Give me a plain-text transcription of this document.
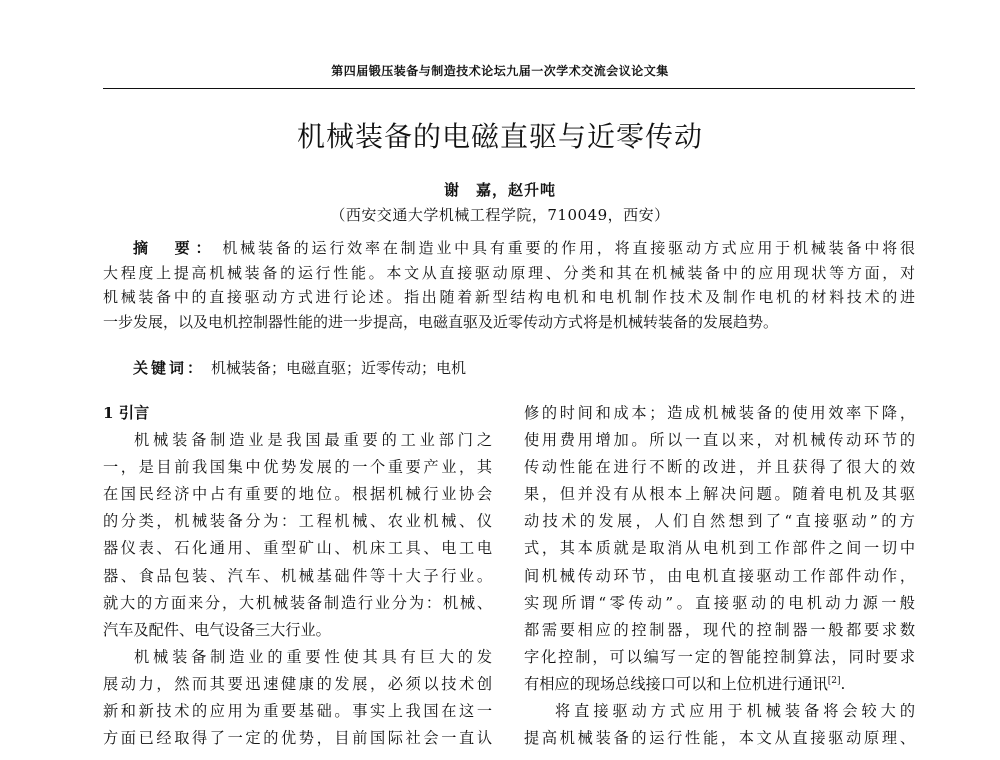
第四届锻压装备与制造技术论坛九届一次学术交流会议论文集
机械装备的电磁直驱与近零传动
谢　嘉，赵升吨
（西安交通大学机械工程学院，710049，西安）
摘　要： 机械装备的运行效率在制造业中具有重要的作用，将直接驱动方式应用于机械装备中将很
大程度上提高机械装备的运行性能。本文从直接驱动原理、分类和其在机械装备中的应用现状等方面，对
机械装备中的直接驱动方式进行论述。指出随着新型结构电机和电机制作技术及制作电机的材料技术的进
一步发展，以及电机控制器性能的进一步提高，电磁直驱及近零传动方式将是机械转装备的发展趋势。
关键词： 机械装备；电磁直驱；近零传动；电机
1 引言
机械装备制造业是我国最重要的工业部门之
一，是目前我国集中优势发展的一个重要产业，其
在国民经济中占有重要的地位。根据机械行业协会
的分类，机械装备分为：工程机械、农业机械、仪
器仪表、石化通用、重型矿山、机床工具、电工电
器、食品包装、汽车、机械基础件等十大子行业。
就大的方面来分，大机械装备制造行业分为：机械、
汽车及配件、电气设备三大行业。
机械装备制造业的重要性使其具有巨大的发
展动力，然而其要迅速健康的发展，必须以技术创
新和新技术的应用为重要基础。事实上我国在这一
方面已经取得了一定的优势，目前国际社会一直认
修的时间和成本；造成机械装备的使用效率下降，
使用费用增加。所以一直以来，对机械传动环节的
传动性能在进行不断的改进，并且获得了很大的效
果，但并没有从根本上解决问题。随着电机及其驱
动技术的发展，人们自然想到了“直接驱动”的方
式，其本质就是取消从电机到工作部件之间一切中
间机械传动环节，由电机直接驱动工作部件动作，
实现所谓“零传动”。直接驱动的电机动力源一般
都需要相应的控制器，现代的控制器一般都要求数
字化控制，可以编写一定的智能控制算法，同时要求
有相应的现场总线接口可以和上位机进行通讯[2].
将直接驱动方式应用于机械装备将会较大的
提高机械装备的运行性能，本文从直接驱动原理、
